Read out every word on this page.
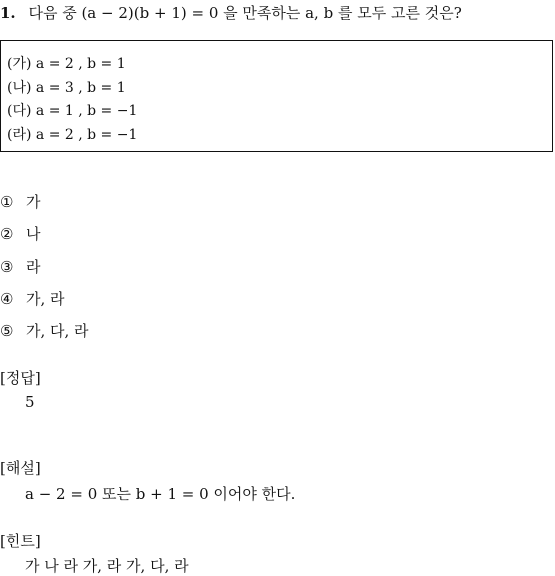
1. 다음 중 (a − 2)(b + 1) = 0 을 만족하는 a, b 를 모두 고른 것은?
(가) a = 2 , b = 1
(나) a = 3 , b = 1
(다) a = 1 , b = −1
(라) a = 2 , b = −1
① 가
② 나
③ 라
④ 가, 라
⑤ 가, 다, 라
[정답]
5
[해설]
a − 2 = 0 또는 b + 1 = 0 이어야 한다.
[힌트]
가 나 라 가, 라 가, 다, 라
